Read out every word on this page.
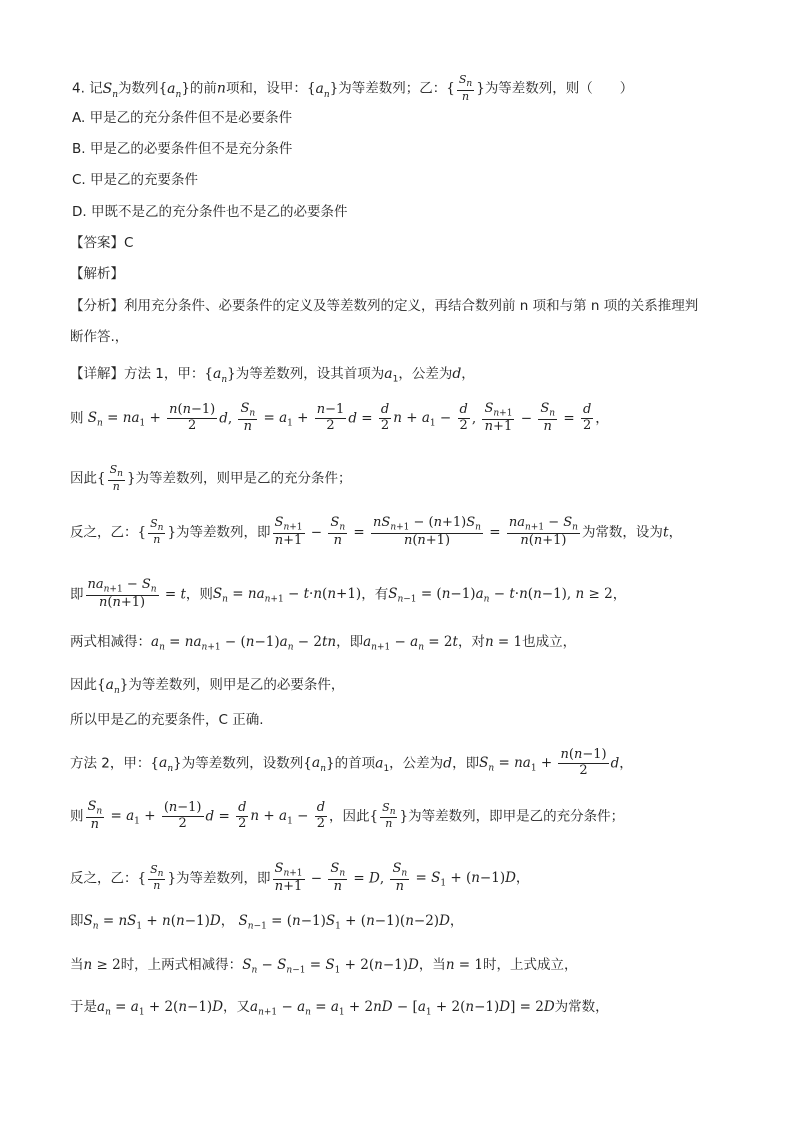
4. 记$S_n$为数列$\{a_n\}$的前n项和，设甲：$\{a_n\}$为等差数列；乙：{ $\frac{S_n}{n}$ }为等差数列，则（　　）
A. 甲是乙的充分条件但不是必要条件
B. 甲是乙的必要条件但不是充分条件
C. 甲是乙的充要条件
D. 甲既不是乙的充分条件也不是乙的必要条件
【答案】C
【解析】
【分析】利用充分条件、必要条件的定义及等差数列的定义，再结合数列前 n 项和与第 n 项的关系推理判
断作答.，
【详解】方法 1，甲：$\{a_n\}$为等差数列，设其首项为$a_1$，公差为d，
则 $S_n = na_1 + \frac{n(n-1)}{2} d$, $\frac{S_n}{n} = a_1 + \frac{n-1}{2}$ $d = \frac{d}{2}$ $n + a_1 - \frac{d}{2}$ , $\frac{S_{n+1}}{n+1} - \frac{S_n}{n} = \frac{d}{2}$ ，
因此{ $\frac{S_n}{n}$ }为等差数列，则甲是乙的充分条件；
反之，乙：{ $\frac{S_n}{n}$ }为等差数列，即 $\frac{S_{n+1}}{n+1} - \frac{S_n}{n} = \frac{nS_{n+1} - (n+1)S_n}{n(n+1)} = \frac{na_{n+1} - S_n}{n(n+1)}$ 为常数，设为t，
即 $\frac{na_{n+1} - S_n}{n(n+1)} = t$，则$S_n = na_{n+1} - t\cdot n(n+1)$，有$S_{n-1} = (n-1)a_n - t\cdot n(n-1)$, n ≥ 2，
两式相减得：$a_n = na_{n+1} - (n-1)a_n - 2tn$，即$a_{n+1} - a_n = 2t$，对n = 1也成立，
因此$\{a_n\}$为等差数列，则甲是乙的必要条件，
所以甲是乙的充要条件，C 正确.
方法 2，甲：$\{a_n\}$为等差数列，设数列$\{a_n\}$的首项$a_1$，公差为d，即$S_n = na_1 + \frac{n(n-1)}{2}$ d，
则 $\frac{S_n}{n} = a_1 + \frac{(n-1)}{2}$ $d = \frac{d}{2}$ $n + a_1 - \frac{d}{2}$ ，因此{ $\frac{S_n}{n}$ }为等差数列，即甲是乙的充分条件；
反之，乙：{ $\frac{S_n}{n}$ }为等差数列，即 $\frac{S_{n+1}}{n+1} - \frac{S_n}{n} = D$, $\frac{S_n}{n} = S_1 + (n-1)D$，
即$S_n = nS_1 + n(n-1)D$， $S_{n-1} = (n-1)S_1 + (n-1)(n-2)D$，
当n ≥ 2时，上两式相减得：$S_n - S_{n-1} = S_1 + 2(n-1)D$，当n = 1时，上式成立，
于是$a_n = a_1 + 2(n-1)D$，又$a_{n+1} - a_n = a_1 + 2nD - [a_1 + 2(n-1)D] = 2D$为常数，
